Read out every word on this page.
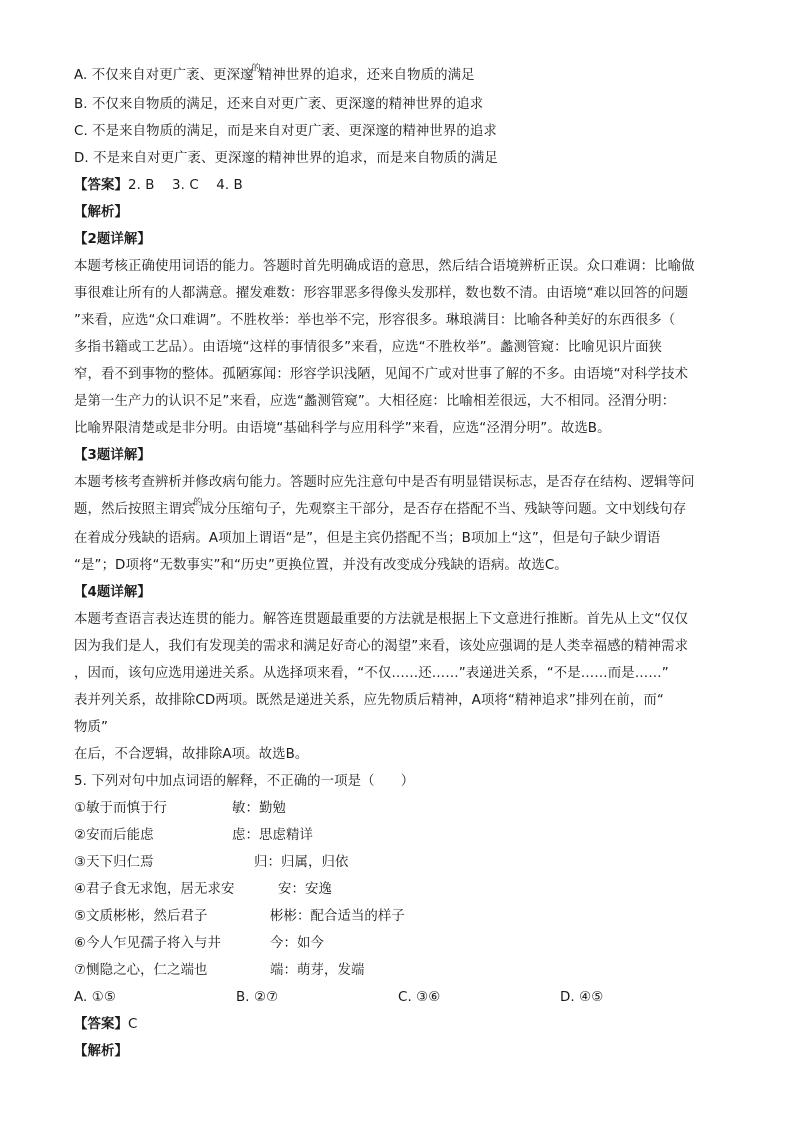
A. 不仅来自对更广袤、更深邃$^的$精神世界的追求，还来自物质的满足
B. 不仅来自物质的满足，还来自对更广袤、更深邃的精神世界的追求
C. 不是来自物质的满足，而是来自对更广袤、更深邃的精神世界的追求
D. 不是来自对更广袤、更深邃的精神世界的追求，而是来自物质的满足
【答案】2. B    3. C    4. B
【解析】
【2题详解】
本题考核正确使用词语的能力。答题时首先明确成语的意思，然后结合语境辨析正误。众口难调：比喻做
事很难让所有的人都满意。擢发难数：形容罪恶多得像头发那样，数也数不清。由语境“难以回答的问题
”来看，应选“众口难调”。不胜枚举：举也举不完，形容很多。琳琅满目：比喻各种美好的东西很多（
多指书籍或工艺品）。由语境“这样的事情很多”来看，应选“不胜枚举”。蠡测管窥：比喻见识片面狭
窄，看不到事物的整体。孤陋寡闻：形容学识浅陋，见闻不广或对世事了解的不多。由语境“对科学技术
是第一生产力的认识不足”来看，应选“蠡测管窥”。大相径庭：比喻相差很远，大不相同。泾渭分明：
比喻界限清楚或是非分明。由语境“基础科学与应用科学”来看，应选“泾渭分明”。故选B。
【3题详解】
本题考核考查辨析并修改病句能力。答题时应先注意句中是否有明显错误标志，是否存在结构、逻辑等问
题，然后按照主谓宾$^的$成分压缩句子，先观察主干部分，是否存在搭配不当、残缺等问题。文中划线句存
在着成分残缺的语病。A项加上谓语“是”，但是主宾仍搭配不当；B项加上“这”，但是句子缺少谓语
“是”；D项将“无数事实”和“历史”更换位置，并没有改变成分残缺的语病。故选C。
【4题详解】
本题考查语言表达连贯的能力。解答连贯题最重要的方法就是根据上下文意进行推断。首先从上文“仅仅
因为我们是人，我们有发现美的需求和满足好奇心的渴望”来看，该处应强调的是人类幸福感的精神需求
，因而，该句应选用递进关系。从选择项来看，“不仅……还……”表递进关系，“不是……而是……”
表并列关系，故排除CD两项。既然是递进关系，应先物质后精神，A项将“精神追求”排列在前，而“
物质”
在后，不合逻辑，故排除A项。故选B。
5. 下列对句中加点词语的解释，不正确的一项是（      ）
①敏于而慎于行	敏：勤勉
②安而后能虑	虑：思虑精详
③天下归仁焉	归：归属，归依
④君子食无求饱，居无求安	安：安逸
⑤文质彬彬，然后君子	彬彬：配合适当的样子
⑥今人乍见孺子将入与井	今：如今
⑦恻隐之心，仁之端也	端：萌芽，发端
A. ①⑤	B. ②⑦	C. ③⑥	D. ④⑤
【答案】C
【解析】
